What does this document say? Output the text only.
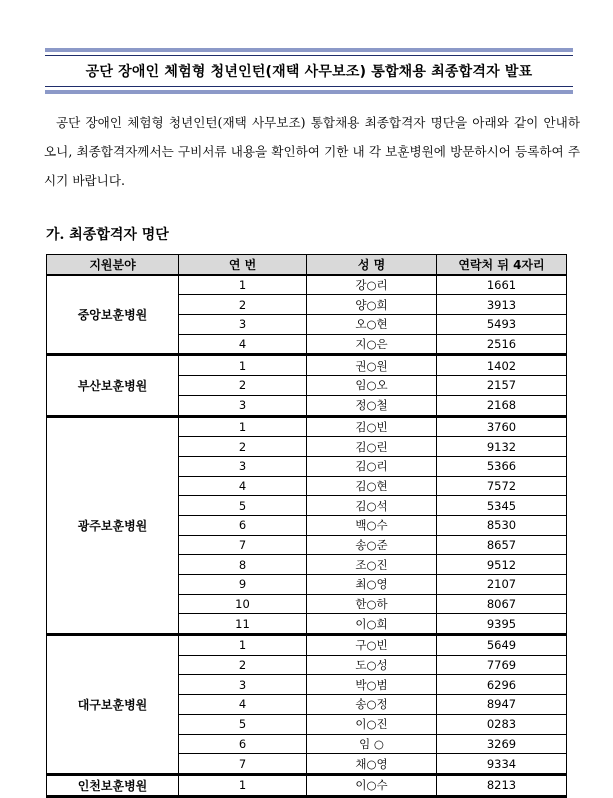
공단 장애인 체험형 청년인턴(재택 사무보조) 통합채용 최종합격자 발표

공단 장애인 체험형 청년인턴(재택 사무보조) 통합채용 최종합격자 명단을 아래와 같이 안내하오니, 최종합격자께서는 구비서류 내용을 확인하여 기한 내 각 보훈병원에 방문하시어 등록하여 주시기 바랍니다.

가. 최종합격자 명단
지원분야	연 번	성 명	연락처 뒤 4자리
중앙보훈병원	1	강○리	1661
	2	양○희	3913
	3	오○현	5493
	4	지○은	2516
부산보훈병원	1	권○원	1402
	2	임○오	2157
	3	정○철	2168
광주보훈병원	1	김○빈	3760
	2	김○린	9132
	3	김○리	5366
	4	김○현	7572
	5	김○석	5345
	6	백○수	8530
	7	송○준	8657
	8	조○진	9512
	9	최○영	2107
	10	한○하	8067
	11	이○희	9395
대구보훈병원	1	구○빈	5649
	2	도○성	7769
	3	박○범	6296
	4	송○정	8947
	5	이○진	0283
	6	임 ○	3269
	7	채○영	9334
인천보훈병원	1	이○수	8213
